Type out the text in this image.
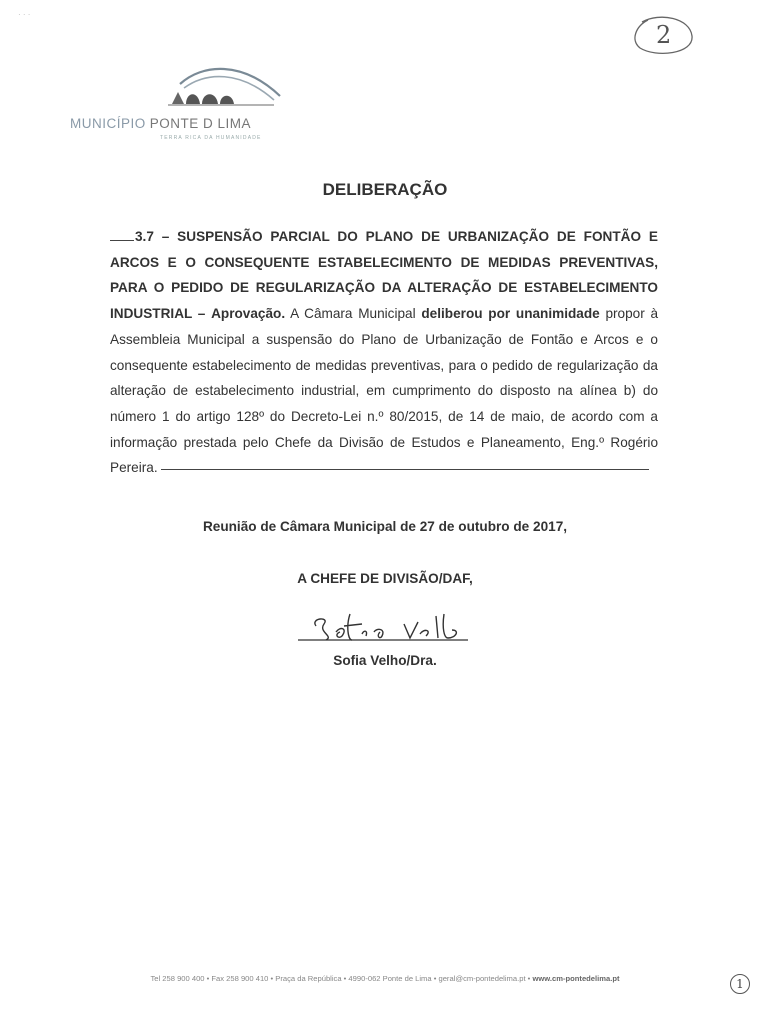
· · ·
2
MUNICÍPIO PONTE D LIMA
TERRA RICA DA HUMANIDADE
DELIBERAÇÃO
3.7 – SUSPENSÃO PARCIAL DO PLANO DE URBANIZAÇÃO DE FONTÃO E ARCOS E O CONSEQUENTE ESTABELECIMENTO DE MEDIDAS PREVENTIVAS, PARA O PEDIDO DE REGULARIZAÇÃO DA ALTERAÇÃO DE ESTABELECIMENTO INDUSTRIAL – Aprovação. A Câmara Municipal deliberou por unanimidade propor à Assembleia Municipal a suspensão do Plano de Urbanização de Fontão e Arcos e o consequente estabelecimento de medidas preventivas, para o pedido de regularização da alteração de estabelecimento industrial, em cumprimento do disposto na alínea b) do número 1 do artigo 128º do Decreto-Lei n.º 80/2015, de 14 de maio, de acordo com a informação prestada pelo Chefe da Divisão de Estudos e Planeamento, Eng.º Rogério Pereira.
Reunião de Câmara Municipal de 27 de outubro de 2017,
A CHEFE DE DIVISÃO/DAF,
Sofia Velho/Dra.
Tel 258 900 400 • Fax 258 900 410 • Praça da República • 4990-062 Ponte de Lima • geral@cm-pontedelima.pt • www.cm-pontedelima.pt	1
